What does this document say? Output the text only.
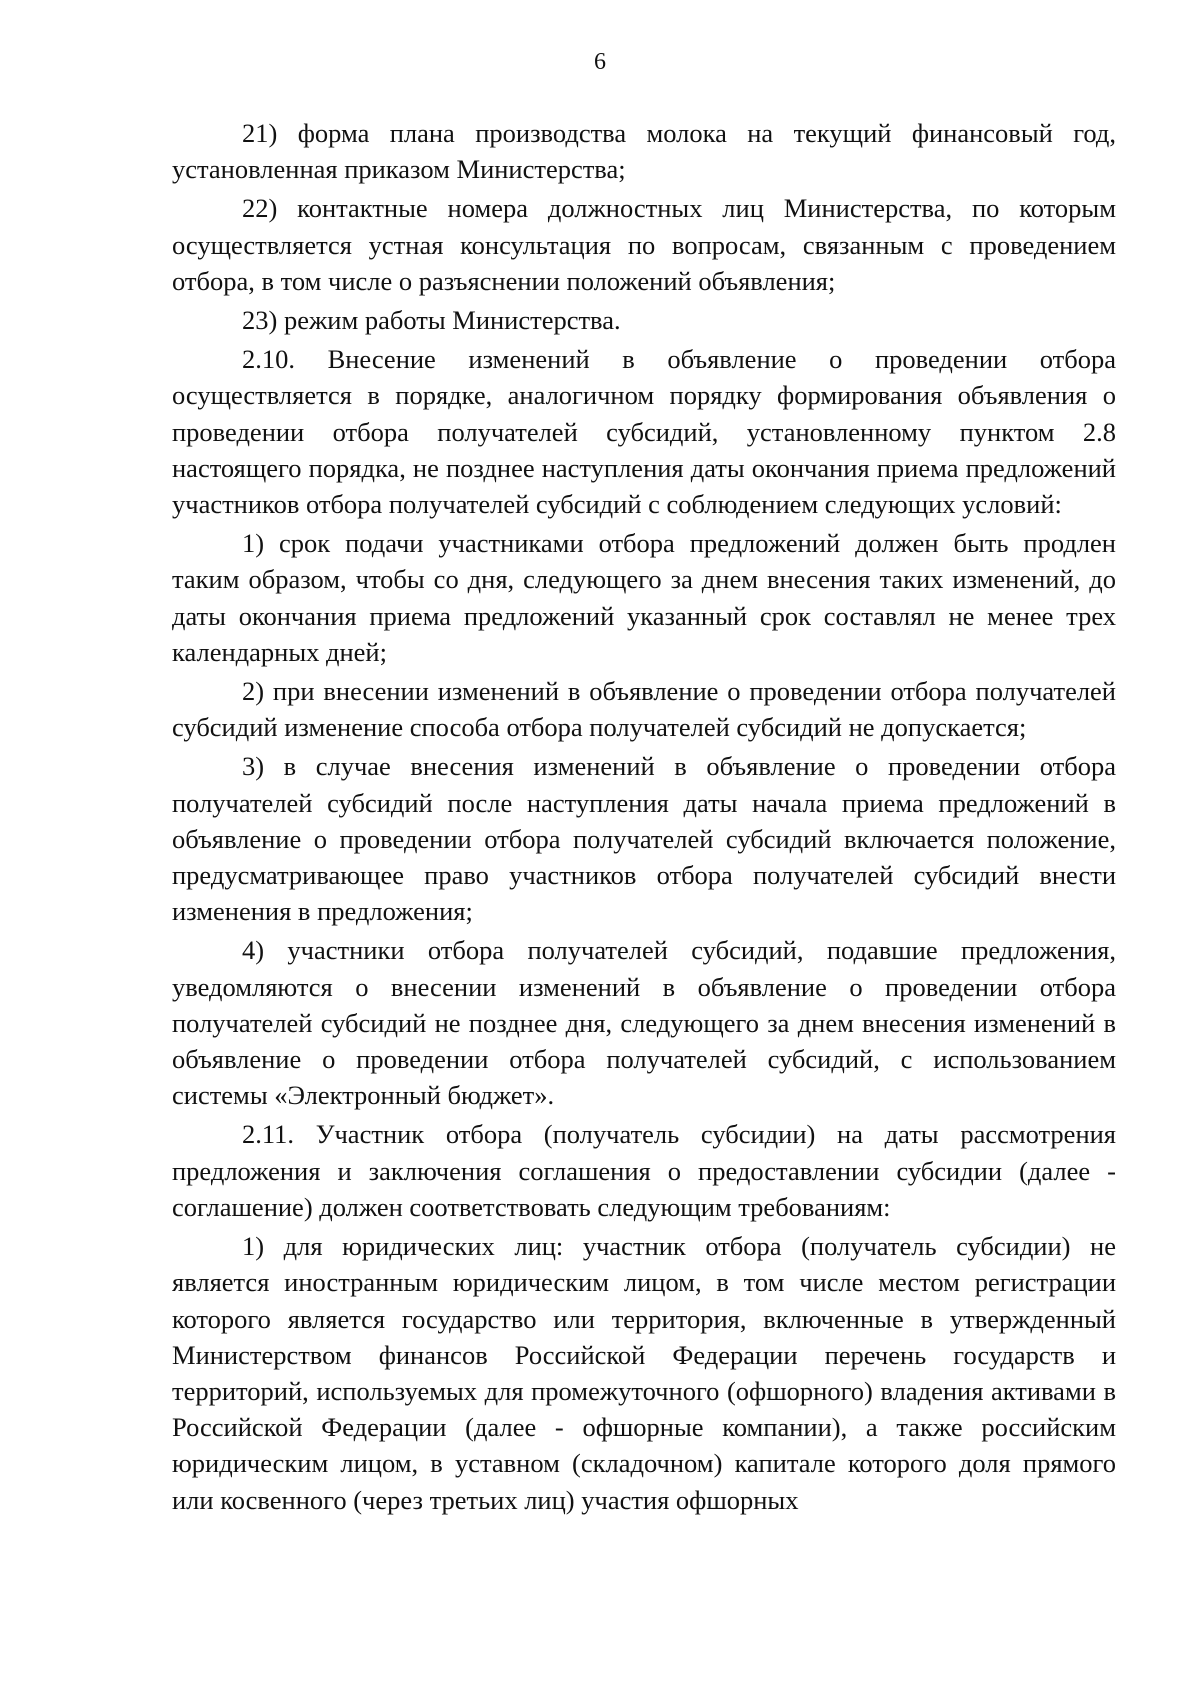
6

21) форма плана производства молока на текущий финансовый год, установленная приказом Министерства;

22) контактные номера должностных лиц Министерства, по которым осуществляется устная консультация по вопросам, связанным с проведением отбора, в том числе о разъяснении положений объявления;

23) режим работы Министерства.

2.10. Внесение изменений в объявление о проведении отбора осуществляется в порядке, аналогичном порядку формирования объявления о проведении отбора получателей субсидий, установленному пунктом 2.8 настоящего порядка, не позднее наступления даты окончания приема предложений участников отбора получателей субсидий с соблюдением следующих условий:

1) срок подачи участниками отбора предложений должен быть продлен таким образом, чтобы со дня, следующего за днем внесения таких изменений, до даты окончания приема предложений указанный срок составлял не менее трех календарных дней;

2) при внесении изменений в объявление о проведении отбора получателей субсидий изменение способа отбора получателей субсидий не допускается;

3) в случае внесения изменений в объявление о проведении отбора получателей субсидий после наступления даты начала приема предложений в объявление о проведении отбора получателей субсидий включается положение, предусматривающее право участников отбора получателей субсидий внести изменения в предложения;

4) участники отбора получателей субсидий, подавшие предложения, уведомляются о внесении изменений в объявление о проведении отбора получателей субсидий не позднее дня, следующего за днем внесения изменений в объявление о проведении отбора получателей субсидий, с использованием системы «Электронный бюджет».

2.11. Участник отбора (получатель субсидии) на даты рассмотрения предложения и заключения соглашения о предоставлении субсидии (далее - соглашение) должен соответствовать следующим требованиям:

1) для юридических лиц: участник отбора (получатель субсидии) не является иностранным юридическим лицом, в том числе местом регистрации которого является государство или территория, включенные в утвержденный Министерством финансов Российской Федерации перечень государств и территорий, используемых для промежуточного (офшорного) владения активами в Российской Федерации (далее - офшорные компании), а также российским юридическим лицом, в уставном (складочном) капитале которого доля прямого или косвенного (через третьих лиц) участия офшорных
